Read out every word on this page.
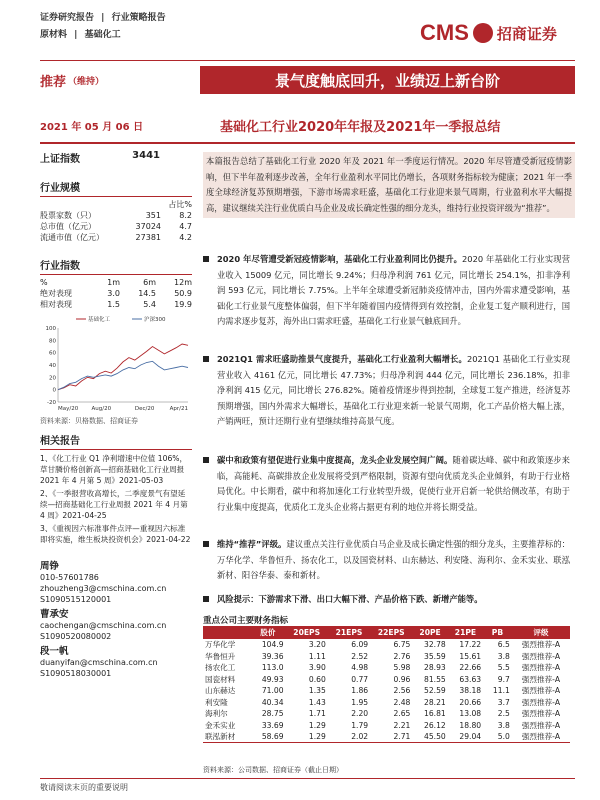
证券研究报告 | 行业策略报告
原材料 | 基础化工	CMS 招商证券
推荐 （维持）	景气度触底回升，业绩迈上新台阶
2021 年 05 月 06 日	基础化工行业2020年年报及2021年一季报总结
上证指数	3441
行业规模
占比%
股票家数（只）	351	8.2
总市值（亿元）	37024	4.7
流通市值（亿元）	27381	4.2
行业指数
%	1m	6m	12m
绝对表现	3.0	14.5	50.9
相对表现	1.5	5.4	19.9
-20
0
20
40
60
80
100
May/20 Aug/20	Dec/20	Apr/21
基础化工	沪深300
资料来源：贝格数据、招商证券
相关报告
1、《化工行业 Q1 净利增速中位值 106%，草甘膦价格创新高—招商基础化工行业周报 2021 年 4 月第 5 周》2021-05-03
2、《一季报营收高增长，二季度景气有望延续—招商基础化工行业周报 2021 年 4 月第 4 周》2021-04-25
3、《重视因六标准事件点评—重视因六标准即将实施，维生板块投资机会》2021-04-22
周铮
010-57601786
zhouzheng3@cmschina.com.cn
S1090515120001
曹承安
caochengan@cmschina.com.cn
S1090520080002
段一帆
duanyifan@cmschina.com.cn
S1090518030001
本篇报告总结了基础化工行业 2020 年及 2021 年一季度运行情况。2020 年尽管遭受新冠疫情影响，但下半年盈利逐步改善，全年行业盈利水平同比仍增长，各项财务指标较为健康；2021 年一季度全球经济复苏预期增强，下游市场需求旺盛，基础化工行业迎来景气周期，行业盈利水平大幅提高，建议继续关注行业优质白马企业及成长确定性强的细分龙头，维持行业投资评级为“推荐”。
2020 年尽管遭受新冠疫情影响，基础化工行业盈利同比仍提升。2020 年基础化工行业实现营业收入 15009 亿元，同比增长 9.24%；归母净利润 761 亿元，同比增长 254.1%，扣非净利润 593 亿元，同比增长 7.75%。上半年全球遭受新冠肺炎疫情冲击，国内外需求遭受影响，基础化工行业景气度整体偏弱，但下半年随着国内疫情得到有效控制，企业复工复产顺利进行，国内需求逐步复苏，海外出口需求旺盛，基础化工行业景气触底回升。
2021Q1 需求旺盛助推景气度提升，基础化工行业盈利大幅增长。2021Q1 基础化工行业实现营业收入 4161 亿元，同比增长 47.73%；归母净利润 444 亿元，同比增长 236.18%，扣非净利润 415 亿元，同比增长 276.82%。随着疫情逐步得到控制，全球复工复产推进，经济复苏预期增强，国内外需求大幅增长，基础化工行业迎来新一轮景气周期，化工产品价格大幅上涨，产销两旺，预计还期行业有望继续维持高景气度。
碳中和政策有望促进行业集中度提高，龙头企业发展空间广阔。随着碳达峰、碳中和政策逐步来临，高能耗、高碳排放企业发展将受到严格限制，资源有望向优质龙头企业倾斜，有助于行业格局优化。中长期看，碳中和将加速化工行业转型升级，促使行业开启新一轮供给侧改革，有助于行业集中度提高，优质化工龙头企业将占据更有利的地位并将长期受益。
维持“推荐”评级。建议重点关注行业优质白马企业及成长确定性强的细分龙头，主要推荐标的：万华化学、华鲁恒升、扬农化工，以及国瓷材料、山东赫达、利安隆、海利尔、金禾实业、联泓新材、阳谷华泰、泰和新材。
风险提示：下游需求下滑、出口大幅下滑、产品价格下跌、新增产能等。
重点公司主要财务指标
	股价	20EPS	21EPS	22EPS	20PE	21PE	PB	评级
万华化学	104.9	3.20	6.09	6.75	32.78	17.22	6.5	强烈推荐-A
华鲁恒升	39.36	1.11	2.52	2.76	35.59	15.61	3.8	强烈推荐-A
扬农化工	113.0	3.90	4.98	5.98	28.93	22.66	5.5	强烈推荐-A
国瓷材料	49.93	0.60	0.77	0.96	81.55	63.63	9.7	强烈推荐-A
山东赫达	71.00	1.35	1.86	2.56	52.59	38.18	11.1	强烈推荐-A
利安隆	40.34	1.43	1.95	2.48	28.21	20.66	3.7	强烈推荐-A
海利尔	28.75	1.71	2.20	2.65	16.81	13.08	2.5	强烈推荐-A
金禾实业	33.69	1.29	1.79	2.21	26.12	18.80	3.8	强烈推荐-A
联泓新材	58.69	1.29	2.02	2.71	45.50	29.04	5.0	强烈推荐-A
资料来源：公司数据、招商证券（截止日期）
敬请阅读末页的重要说明
